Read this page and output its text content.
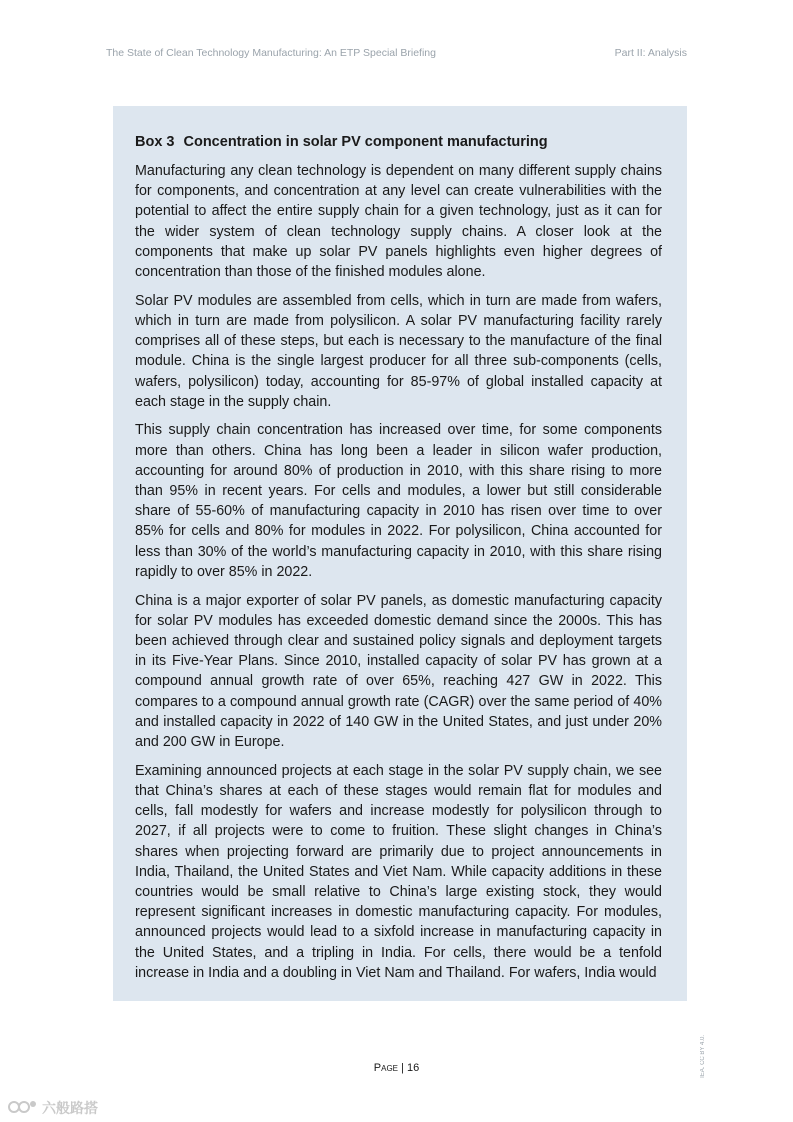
The State of Clean Technology Manufacturing: An ETP Special Briefing	Part II: Analysis

Box 3 Concentration in solar PV component manufacturing

Manufacturing any clean technology is dependent on many different supply chains for components, and concentration at any level can create vulnerabilities with the potential to affect the entire supply chain for a given technology, just as it can for the wider system of clean technology supply chains. A closer look at the components that make up solar PV panels highlights even higher degrees of concentration than those of the finished modules alone.

Solar PV modules are assembled from cells, which in turn are made from wafers, which in turn are made from polysilicon. A solar PV manufacturing facility rarely comprises all of these steps, but each is necessary to the manufacture of the final module. China is the single largest producer for all three sub-components (cells, wafers, polysilicon) today, accounting for 85-97% of global installed capacity at each stage in the supply chain.

This supply chain concentration has increased over time, for some components more than others. China has long been a leader in silicon wafer production, accounting for around 80% of production in 2010, with this share rising to more than 95% in recent years. For cells and modules, a lower but still considerable share of 55-60% of manufacturing capacity in 2010 has risen over time to over 85% for cells and 80% for modules in 2022. For polysilicon, China accounted for less than 30% of the world’s manufacturing capacity in 2010, with this share rising rapidly to over 85% in 2022.

China is a major exporter of solar PV panels, as domestic manufacturing capacity for solar PV modules has exceeded domestic demand since the 2000s. This has been achieved through clear and sustained policy signals and deployment targets in its Five-Year Plans. Since 2010, installed capacity of solar PV has grown at a compound annual growth rate of over 65%, reaching 427 GW in 2022. This compares to a compound annual growth rate (CAGR) over the same period of 40% and installed capacity in 2022 of 140 GW in the United States, and just under 20% and 200 GW in Europe.

Examining announced projects at each stage in the solar PV supply chain, we see that China’s shares at each of these stages would remain flat for modules and cells, fall modestly for wafers and increase modestly for polysilicon through to 2027, if all projects were to come to fruition. These slight changes in China’s shares when projecting forward are primarily due to project announcements in India, Thailand, the United States and Viet Nam. While capacity additions in these countries would be small relative to China’s large existing stock, they would represent significant increases in domestic manufacturing capacity. For modules, announced projects would lead to a sixfold increase in manufacturing capacity in the United States, and a tripling in India. For cells, there would be a tenfold increase in India and a doubling in Viet Nam and Thailand. For wafers, India would

Page | 16	IEA. CC BY 4.0.
六般路搭
